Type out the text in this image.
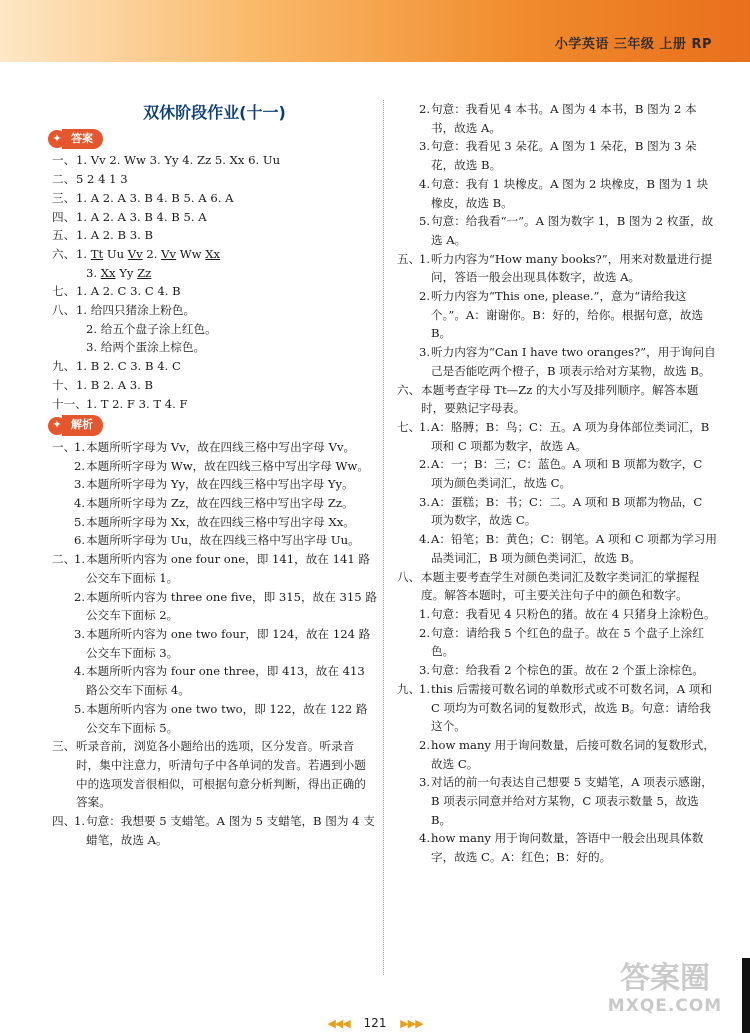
小学英语 三年级 上册 RP
双休阶段作业(十一)
✦ 答案
一、 1. Vv 2. Ww 3. Yy 4. Zz 5. Xx 6. Uu
二、 5 2 4 1 3
三、 1. A 2. A 3. B 4. B 5. A 6. A
四、 1. A 2. A 3. B 4. B 5. A
五、 1. A 2. B 3. B
六、 1. Tt Uu Vv 2. Vv Ww Xx
3. Xx Yy Zz
七、 1. A 2. C 3. C 4. B
八、 1. 给四只猪涂上粉色。
2. 给五个盘子涂上红色。
3. 给两个蛋涂上棕色。
九、 1. B 2. C 3. B 4. C
十、 1. B 2. A 3. B
十一、 1. T 2. F 3. T 4. F
✦ 解析
一、
1. 本题所听字母为 Vv，故在四线三格中写出字母 Vv。
2. 本题所听字母为 Ww，故在四线三格中写出字母 Ww。
3. 本题所听字母为 Yy，故在四线三格中写出字母 Yy。
4. 本题所听字母为 Zz，故在四线三格中写出字母 Zz。
5. 本题所听字母为 Xx，故在四线三格中写出字母 Xx。
6. 本题所听字母为 Uu，故在四线三格中写出字母 Uu。
二、
1. 本题所听内容为 one four one，即 141，故在 141 路公交车下面标 1。
2. 本题所听内容为 three one five，即 315，故在 315 路公交车下面标 2。
3. 本题所听内容为 one two four，即 124，故在 124 路公交车下面标 3。
4. 本题所听内容为 four one three，即 413，故在 413 路公交车下面标 4。
5. 本题所听内容为 one two two，即 122，故在 122 路公交车下面标 5。
三、 听录音前，浏览各小题给出的选项，区分发音。听录音时，集中注意力，听清句子中各单词的发音。若遇到小题中的选项发音很相似，可根据句意分析判断，得出正确的答案。
四、
1. 句意：我想要 5 支蜡笔。A 图为 5 支蜡笔，B 图为 4 支蜡笔，故选 A。
2. 句意：我看见 4 本书。A 图为 4 本书，B 图为 2 本书，故选 A。
3. 句意：我看见 3 朵花。A 图为 1 朵花，B 图为 3 朵花，故选 B。
4. 句意：我有 1 块橡皮。A 图为 2 块橡皮，B 图为 1 块橡皮，故选 B。
5. 句意：给我看“一”。A 图为数字 1，B 图为 2 枚蛋，故选 A。
五、
1. 听力内容为“How many books?”，用来对数量进行提问，答语一般会出现具体数字，故选 A。
2. 听力内容为“This one, please.”，意为“请给我这个。”。A：谢谢你。B：好的，给你。根据句意，故选 B。
3. 听力内容为“Can I have two oranges?”，用于询问自己是否能吃两个橙子，B 项表示给对方某物，故选 B。
六、 本题考查字母 Tt—Zz 的大小写及排列顺序。解答本题时，要熟记字母表。
七、
1. A：胳膊；B：鸟；C：五。A 项为身体部位类词汇，B 项和 C 项都为数字，故选 A。
2. A：一；B：三；C：蓝色。A 项和 B 项都为数字，C 项为颜色类词汇，故选 C。
3. A：蛋糕；B：书；C：二。A 项和 B 项都为物品，C 项为数字，故选 C。
4. A：铅笔；B：黄色；C：钢笔。A 项和 C 项都为学习用品类词汇，B 项为颜色类词汇，故选 B。
八、 本题主要考查学生对颜色类词汇及数字类词汇的掌握程度。解答本题时，可主要关注句子中的颜色和数字。
1. 句意：我看见 4 只粉色的猪。故在 4 只猪身上涂粉色。
2. 句意：请给我 5 个红色的盘子。故在 5 个盘子上涂红色。
3. 句意：给我看 2 个棕色的蛋。故在 2 个蛋上涂棕色。
九、
1. this 后需接可数名词的单数形式或不可数名词，A 项和 C 项均为可数名词的复数形式，故选 B。句意：请给我这个。
2. how many 用于询问数量，后接可数名词的复数形式，故选 C。
3. 对话的前一句表达自己想要 5 支蜡笔，A 项表示感谢，B 项表示同意并给对方某物，C 项表示数量 5，故选 B。
4. how many 用于询问数量，答语中一般会出现具体数字，故选 C。A：红色；B：好的。
◀◀◀ 121 ▶▶▶
答案圈
MXQE.COM
